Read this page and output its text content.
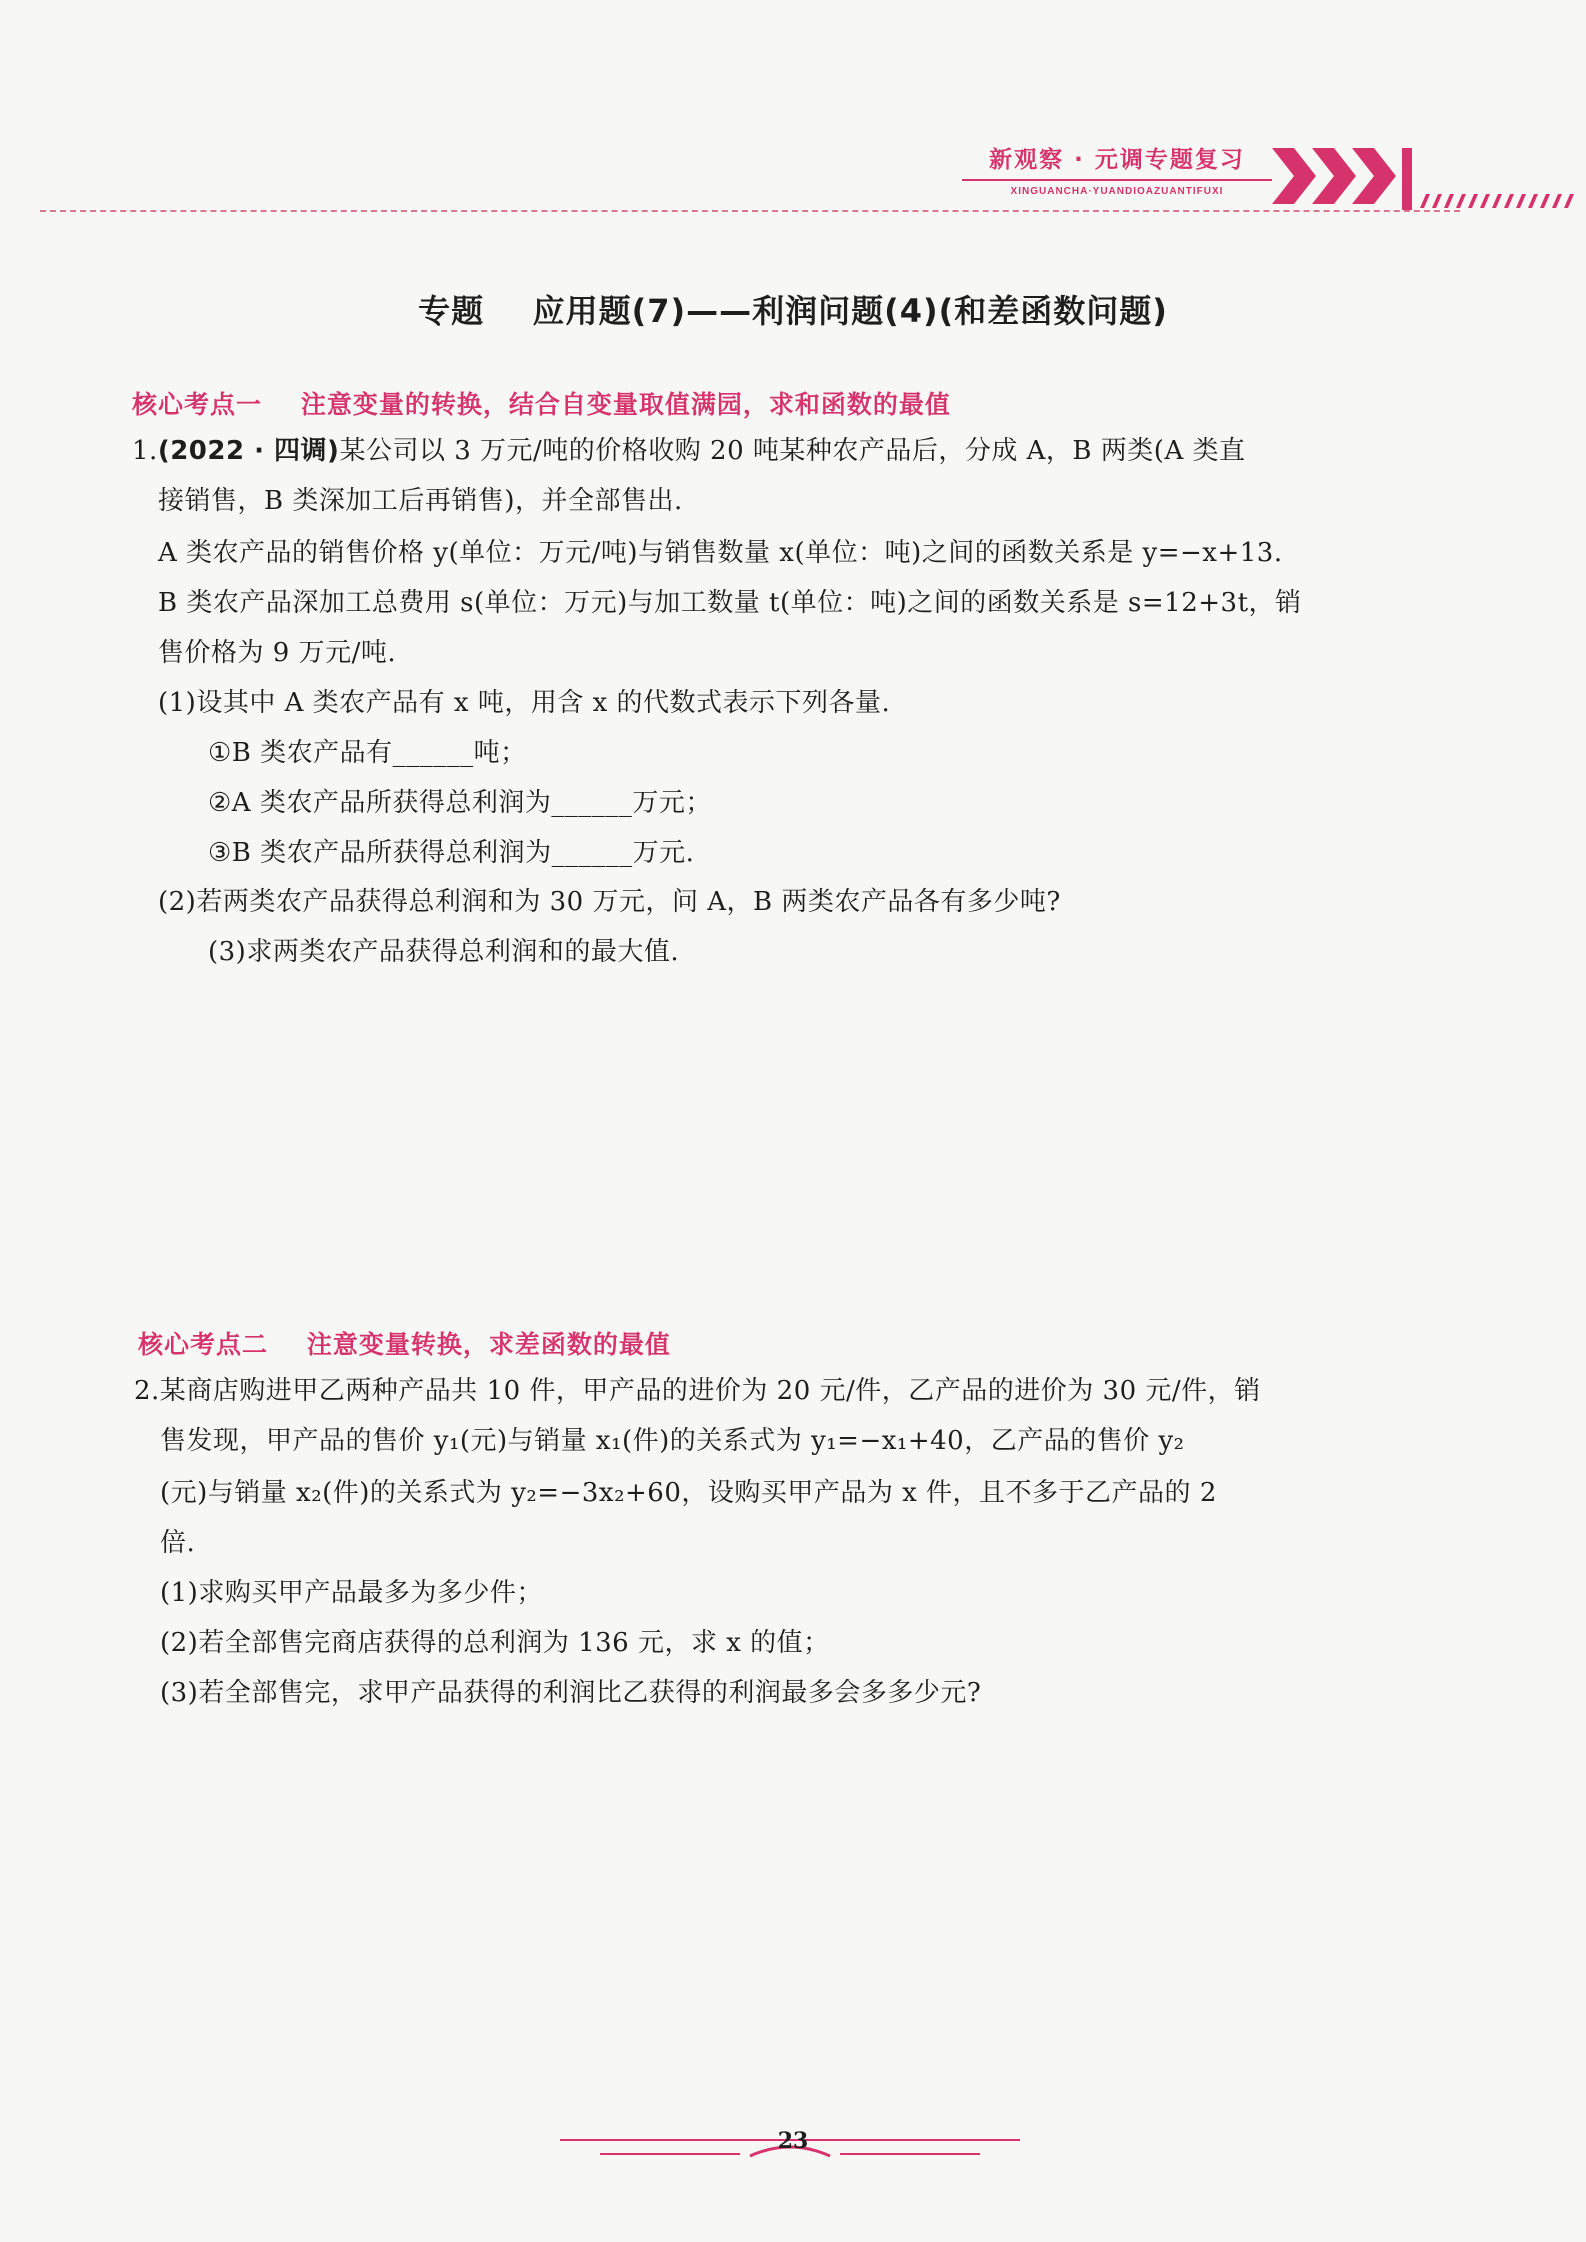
新观察 · 元调专题复习
XINGUANCHA·YUANDIOAZUANTIFUXI
专题 应用题(7)——利润问题(4)(和差函数问题)
核心考点一    注意变量的转换，结合自变量取值满园，求和函数的最值
1.(2022 · 四调)某公司以 3 万元/吨的价格收购 20 吨某种农产品后，分成 A，B 两类(A 类直
接销售，B 类深加工后再销售)，并全部售出.
A 类农产品的销售价格 y(单位：万元/吨)与销售数量 x(单位：吨)之间的函数关系是 y=−x+13.
B 类农产品深加工总费用 s(单位：万元)与加工数量 t(单位：吨)之间的函数关系是 s=12+3t，销
售价格为 9 万元/吨.
(1)设其中 A 类农产品有 x 吨，用含 x 的代数式表示下列各量.
①B 类农产品有______吨；
②A 类农产品所获得总利润为______万元；
③B 类农产品所获得总利润为______万元.
(2)若两类农产品获得总利润和为 30 万元，问 A，B 两类农产品各有多少吨?
(3)求两类农产品获得总利润和的最大值.
核心考点二    注意变量转换，求差函数的最值
2.某商店购进甲乙两种产品共 10 件，甲产品的进价为 20 元/件，乙产品的进价为 30 元/件，销
售发现，甲产品的售价 y₁(元)与销量 x₁(件)的关系式为 y₁=−x₁+40，乙产品的售价 y₂
(元)与销量 x₂(件)的关系式为 y₂=−3x₂+60，设购买甲产品为 x 件，且不多于乙产品的 2
倍.
(1)求购买甲产品最多为多少件；
(2)若全部售完商店获得的总利润为 136 元，求 x 的值；
(3)若全部售完，求甲产品获得的利润比乙获得的利润最多会多多少元?
23
